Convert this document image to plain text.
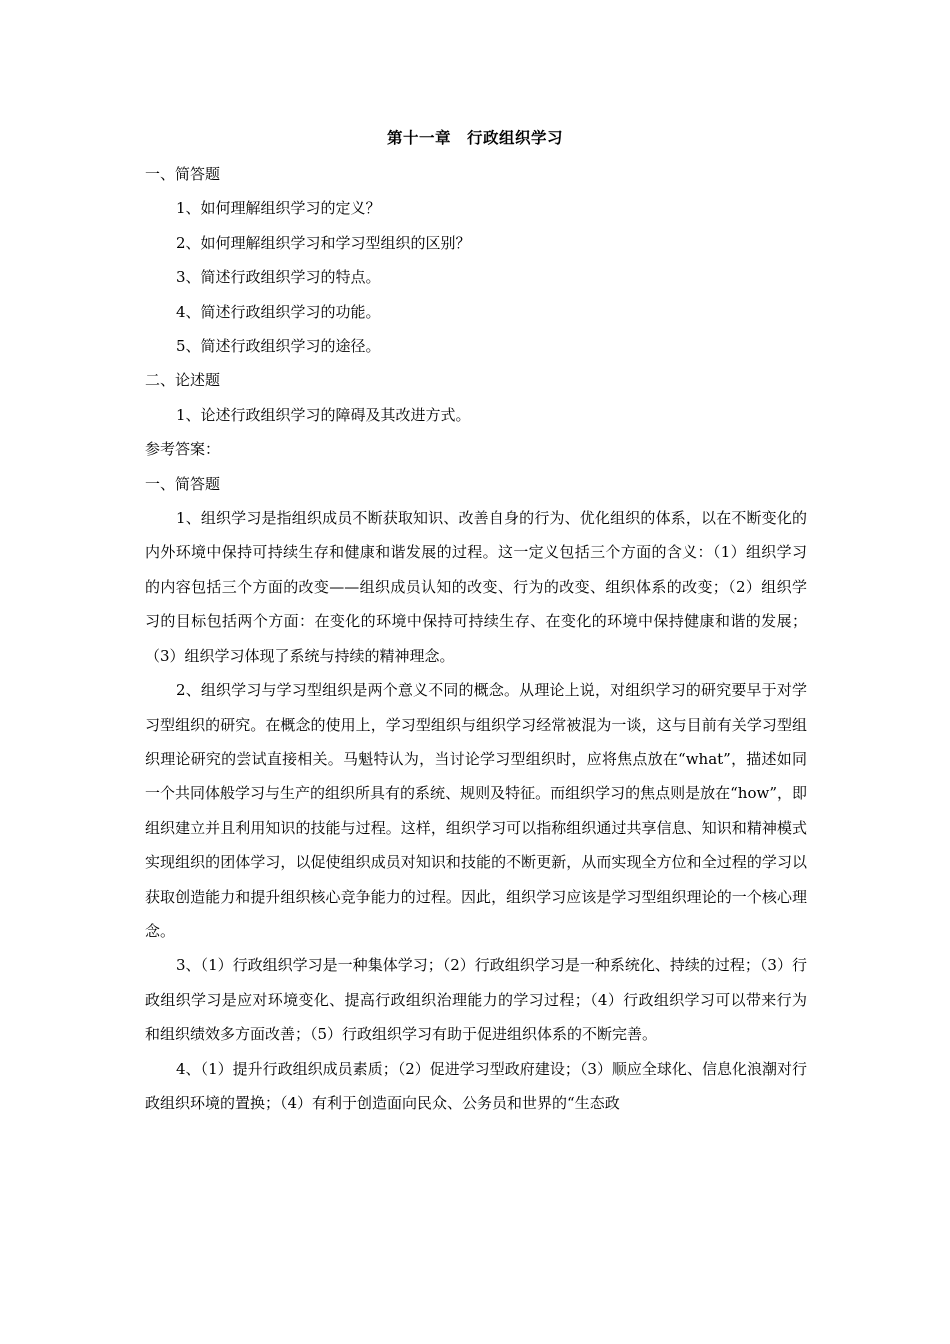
第十一章　行政组织学习

一、简答题

1、如何理解组织学习的定义？

2、如何理解组织学习和学习型组织的区别？

3、简述行政组织学习的特点。

4、简述行政组织学习的功能。

5、简述行政组织学习的途径。

二、论述题

1、论述行政组织学习的障碍及其改进方式。

参考答案：

一、简答题

1、组织学习是指组织成员不断获取知识、改善自身的行为、优化组织的体系，以在不断变化的内外环境中保持可持续生存和健康和谐发展的过程。这一定义包括三个方面的含义：（1）组织学习的内容包括三个方面的改变——组织成员认知的改变、行为的改变、组织体系的改变；（2）组织学习的目标包括两个方面：在变化的环境中保持可持续生存、在变化的环境中保持健康和谐的发展；（3）组织学习体现了系统与持续的精神理念。

2、组织学习与学习型组织是两个意义不同的概念。从理论上说，对组织学习的研究要早于对学习型组织的研究。在概念的使用上，学习型组织与组织学习经常被混为一谈，这与目前有关学习型组织理论研究的尝试直接相关。马魁特认为，当讨论学习型组织时，应将焦点放在“what”，描述如同一个共同体般学习与生产的组织所具有的系统、规则及特征。而组织学习的焦点则是放在“how”，即组织建立并且利用知识的技能与过程。这样，组织学习可以指称组织通过共享信息、知识和精神模式实现组织的团体学习，以促使组织成员对知识和技能的不断更新，从而实现全方位和全过程的学习以获取创造能力和提升组织核心竞争能力的过程。因此，组织学习应该是学习型组织理论的一个核心理念。

3、（1）行政组织学习是一种集体学习；（2）行政组织学习是一种系统化、持续的过程；（3）行政组织学习是应对环境变化、提高行政组织治理能力的学习过程；（4）行政组织学习可以带来行为和组织绩效多方面改善；（5）行政组织学习有助于促进组织体系的不断完善。

4、（1）提升行政组织成员素质；（2）促进学习型政府建设；（3）顺应全球化、信息化浪潮对行政组织环境的置换；（4）有利于创造面向民众、公务员和世界的“生态政
